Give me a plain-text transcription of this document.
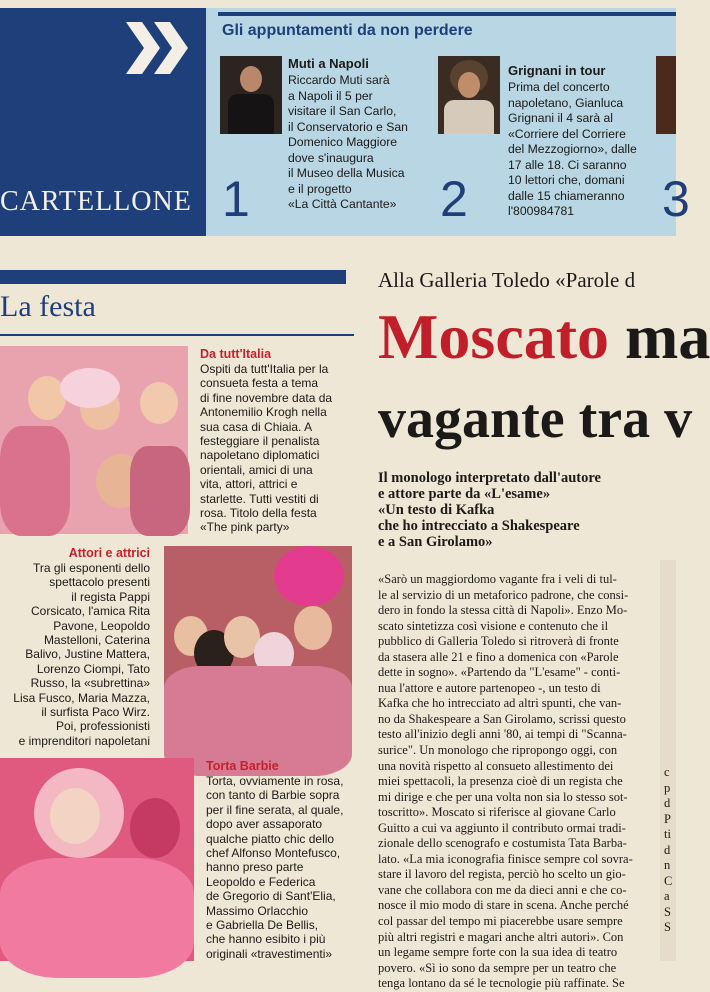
CARTELLONE
Gli appuntamenti da non perdere
Muti a Napoli
Riccardo Muti sarà
a Napoli il 5 per
visitare il San Carlo,
il Conservatorio e San
Domenico Maggiore
dove s'inaugura
il Museo della Musica
e il progetto
«La Città Cantante»
1
Grignani in tour
Prima del concerto
napoletano, Gianluca
Grignani il 4 sarà al
«Corriere del Corriere
del Mezzogiorno», dalle
17 alle 18. Ci saranno
10 lettori che, domani
dalle 15 chiameranno
l'800984781
2	3
La festa
Da tutt'Italia
Ospiti da tutt'Italia per la
consueta festa a tema
di fine novembre data da
Antonemilio Krogh nella
sua casa di Chiaia. A
festeggiare il penalista
napoletano diplomatici
orientali, amici di una
vita, attori, attrici e
starlette. Tutti vestiti di
rosa. Titolo della festa
«The pink party»
Attori e attrici
Tra gli esponenti dello
spettacolo presenti
il regista Pappi
Corsicato, l'amica Rita
Pavone, Leopoldo
Mastelloni, Caterina
Balivo, Justine Mattera,
Lorenzo Ciompi, Tato
Russo, la «subrettina»
Lisa Fusco, Maria Mazza,
il surfista Paco Wirz.
Poi, professionisti
e imprenditori napoletani
Torta Barbie
Torta, ovviamente in rosa,
con tanto di Barbie sopra
per il fine serata, al quale,
dopo aver assaporato
qualche piatto chic dello
chef Alfonso Montefusco,
hanno preso parte
Leopoldo e Federica
de Gregorio di Sant'Elia,
Massimo Orlacchio
e Gabriella De Bellis,
che hanno esibito i più
originali «travestimenti»
Alla Galleria Toledo «Parole d
Moscato ma
vagante tra v
Il monologo interpretato dall'autore
e attore parte da «L'esame»
«Un testo di Kafka
che ho intrecciato a Shakespeare
e a San Girolamo»

«Sarò un maggiordomo vagante fra i veli di tul-

le al servizio di un metaforico padrone, che consi-

dero in fondo la stessa città di Napoli». Enzo Mo-

scato sintetizza così visione e contenuto che il

pubblico di Galleria Toledo si ritroverà di fronte

da stasera alle 21 e fino a domenica con «Parole

dette in sogno». «Partendo da "L'esame" - conti-

nua l'attore e autore partenopeo -, un testo di

Kafka che ho intrecciato ad altri spunti, che van-

no da Shakespeare a San Girolamo, scrissi questo

testo all'inizio degli anni '80, ai tempi di "Scanna-

surice". Un monologo che ripropongo oggi, con

una novità rispetto al consueto allestimento dei

miei spettacoli, la presenza cioè di un regista che

mi dirige e che per una volta non sia lo stesso sot-

toscritto». Moscato si riferisce al giovane Carlo

Guitto a cui va aggiunto il contributo ormai tradi-

zionale dello scenografo e costumista Tata Barba-

lato. «La mia iconografia finisce sempre col sovra-

stare il lavoro del regista, perciò ho scelto un gio-

vane che collabora con me da dieci anni e che co-

nosce il mio modo di stare in scena. Anche perché

col passar del tempo mi piacerebbe usare sempre

più altri registri e magari anche altri autori». Con

un legame sempre forte con la sua idea di teatro

povero. «Sì io sono da sempre per un teatro che

tenga lontano da sé le tecnologie più raffinate. Se

c
p
d
P
ti
d
n
C
a
S
S
